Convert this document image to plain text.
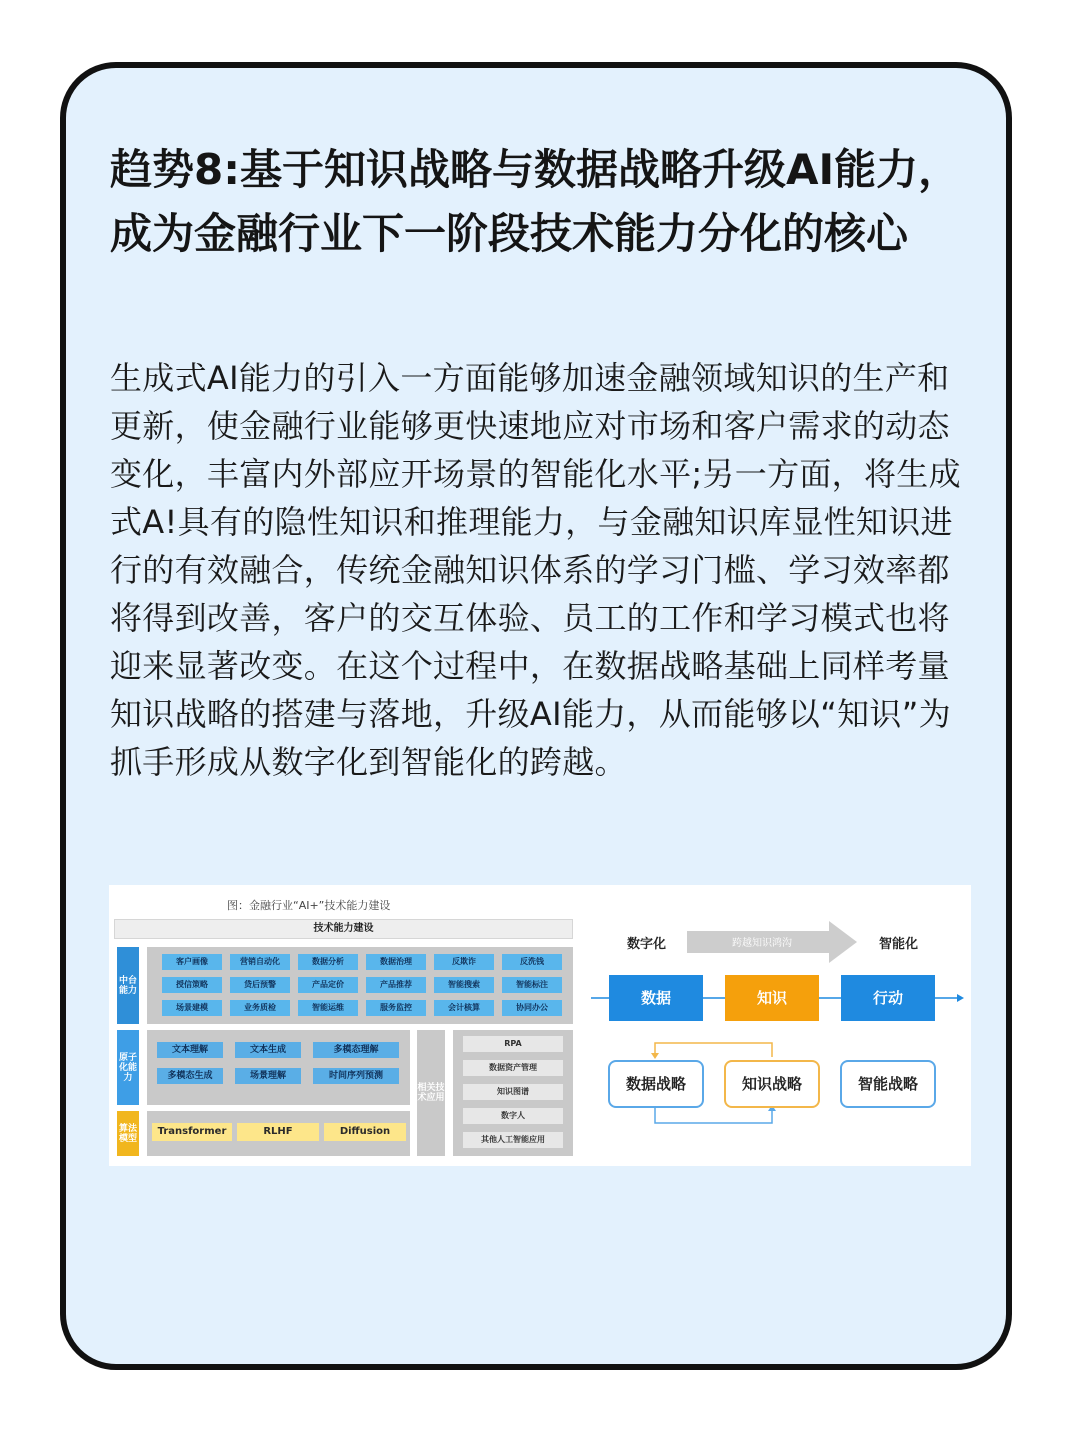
趋势8:基于知识战略与数据战略升级AI能力，成为金融行业下一阶段技术能力分化的核心

生成式AI能力的引入一方面能够加速金融领域知识的生产和更新，使金融行业能够更快速地应对市场和客户需求的动态变化，丰富内外部应开场景的智能化水平;另一方面，将生成式A!具有的隐性知识和推理能力，与金融知识库显性知识进行的有效融合，传统金融知识体系的学习门槛、学习效率都将得到改善，客户的交互体验、员工的工作和学习模式也将迎来显著改变。在这个过程中，在数据战略基础上同样考量知识战略的搭建与落地，升级AI能力，从而能够以“知识”为抓手形成从数字化到智能化的跨越。

图：金融行业“AI+”技术能力建设
技术能力建设
中台能力
客户画像	营销自动化	数据分析	数据治理	反欺诈	反洗钱
授信策略	贷后预警	产品定价	产品推荐	智能搜索	智能标注
场景建模	业务质检	智能运维	服务监控	会计核算	协同办公
原子化能力
文本理解	文本生成	多模态理解
多模态生成	场景理解	时间序列预测
算法模型
Transformer	RLHF	Diffusion
相关技术应用
RPA
数据资产管理
知识图谱
数字人
其他人工智能应用
数字化	跨越知识鸿沟	智能化
数据	知识	行动
数据战略	知识战略	智能战略
